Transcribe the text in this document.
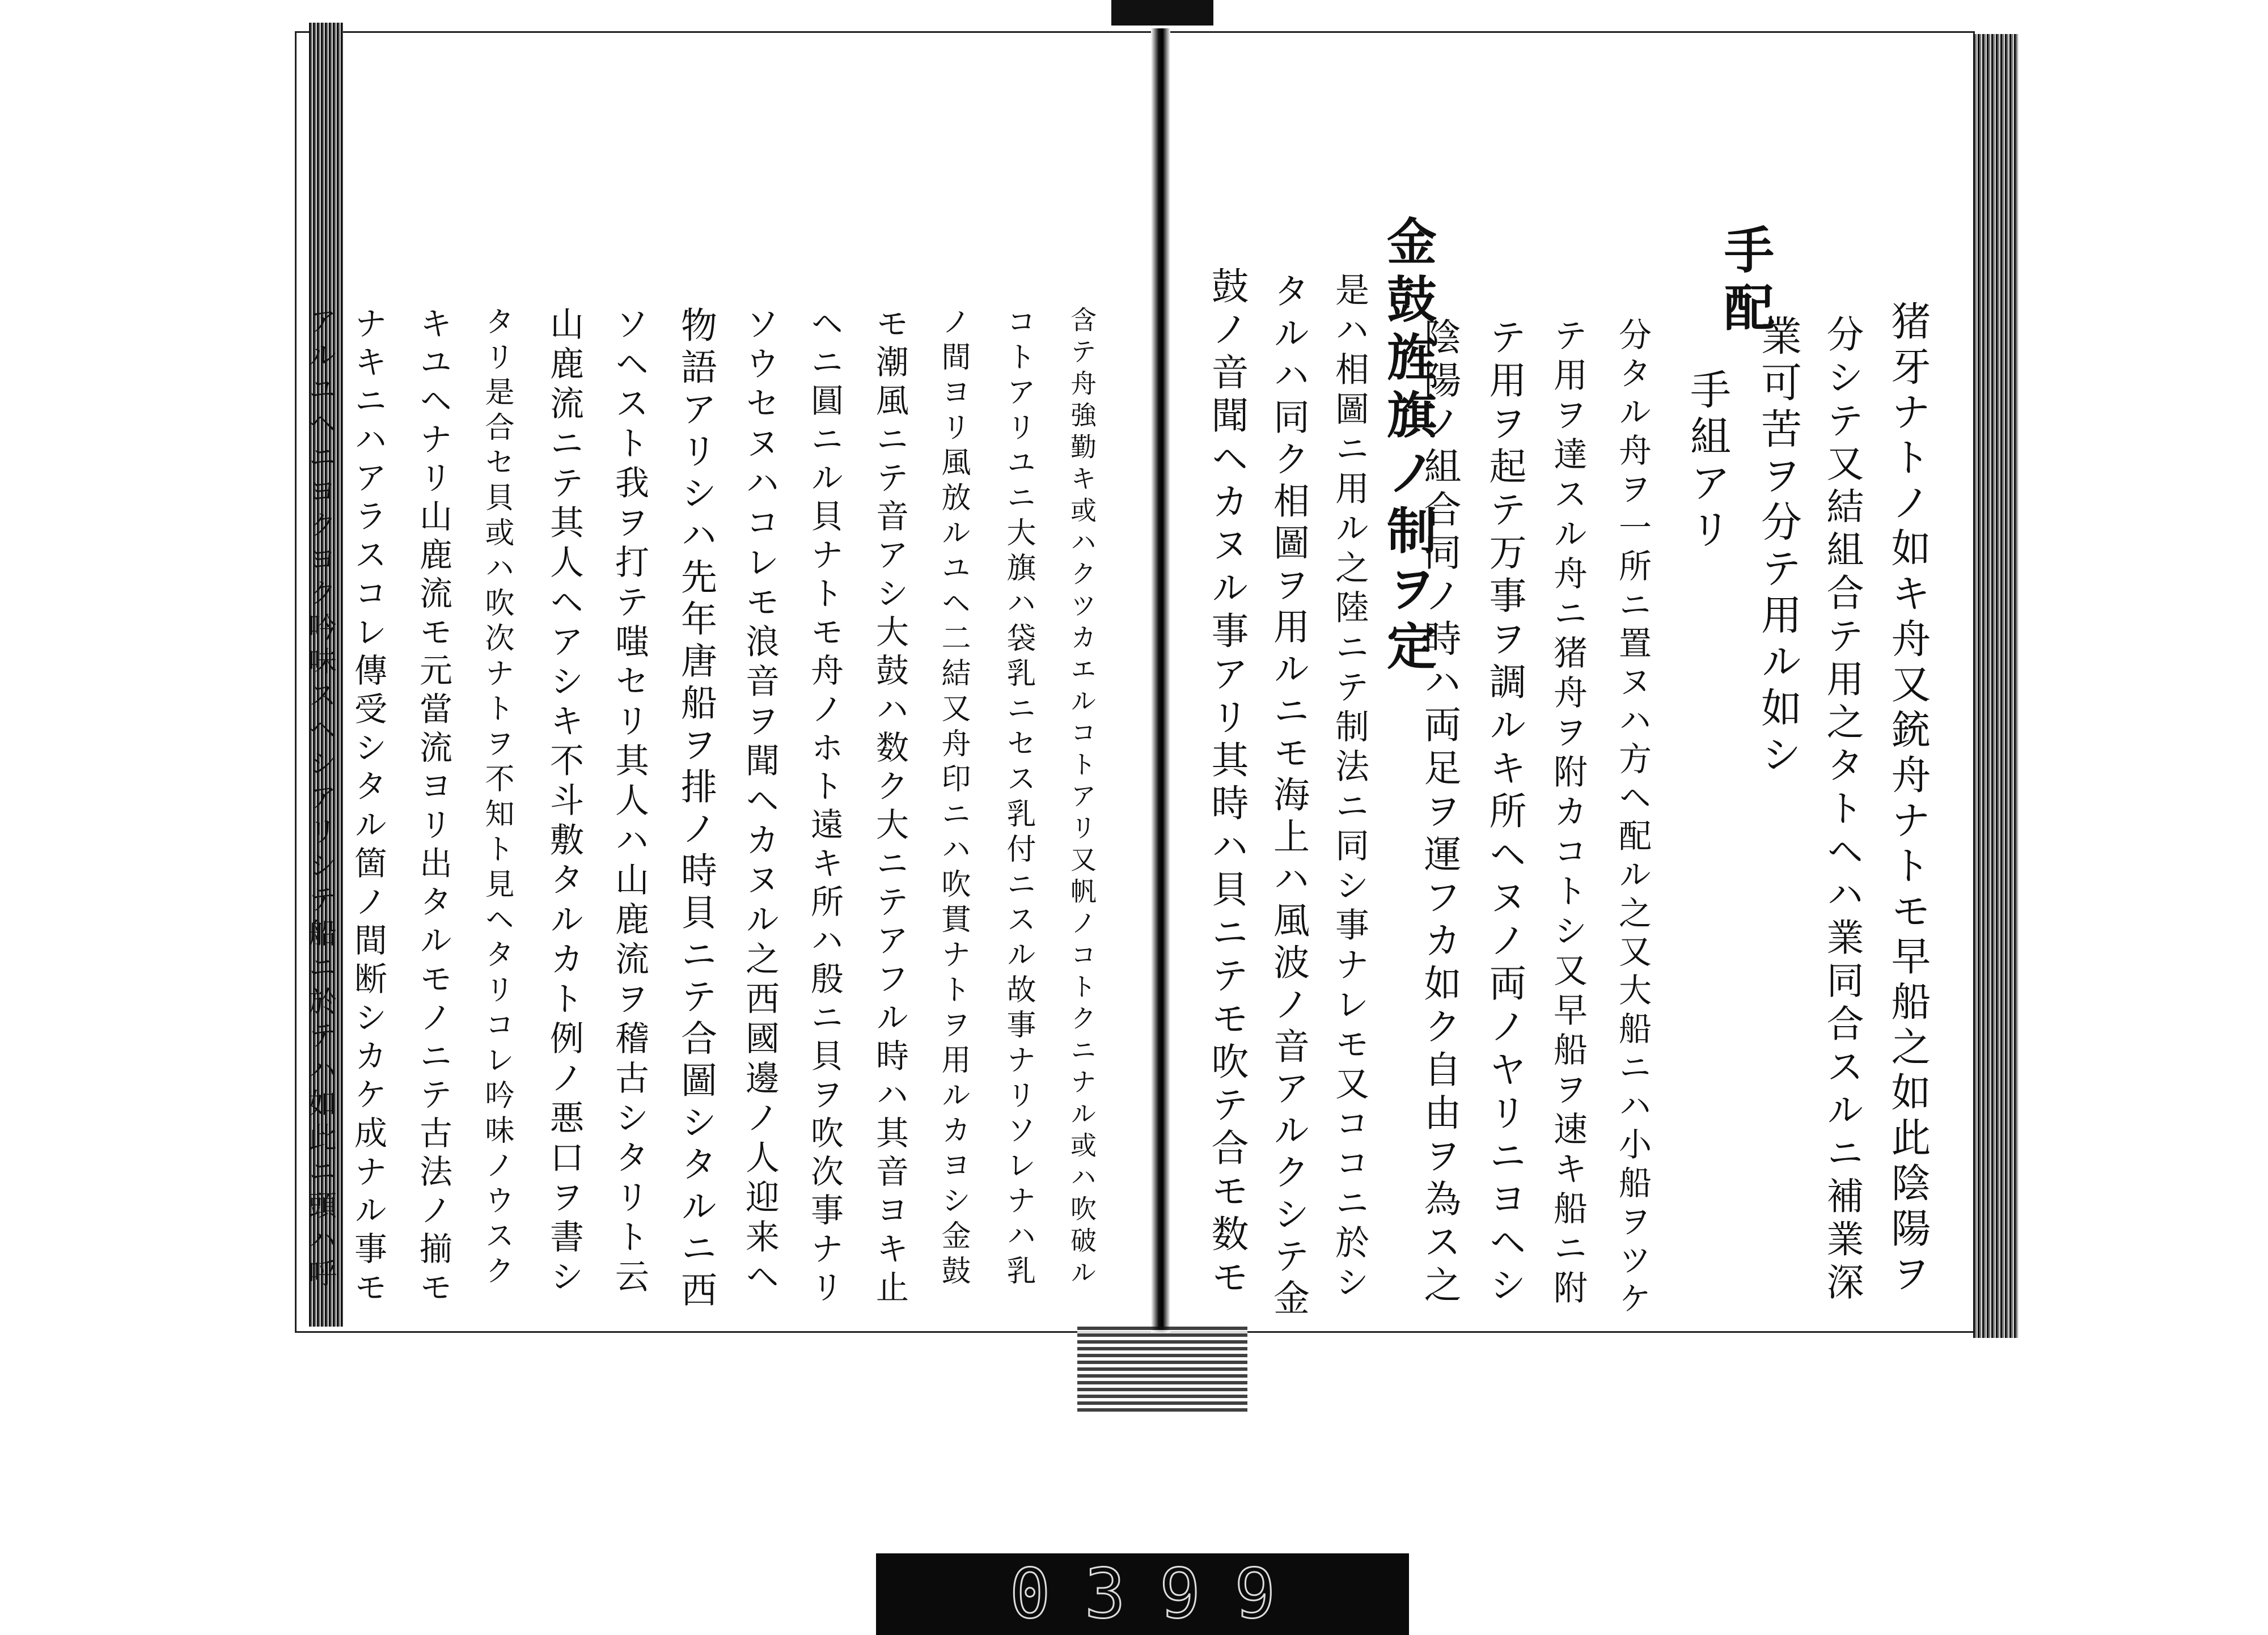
猪牙ナトノ如キ舟又銃舟ナトモ早船之如此陰陽ヲ
分シテ又結組合テ用之タトヘハ業同合スルニ補業深
業可苦ヲ分テ用ル如シ
手配
手組アリ
分タル舟ヲ一所ニ置ヌハ方ヘ配ル之又大船ニハ小船ヲツケ
テ用ヲ達スル舟ニ猪舟ヲ附カコトシ又早船ヲ速キ船ニ附
テ用ヲ起テ万事ヲ調ルキ所ヘヌノ両ノヤリニヨヘシ
陰陽ノ組合同ノ時ハ両足ヲ運フカ如ク自由ヲ為ス之
金鼓旌旗ノ制ヲ定
是ハ相圖ニ用ル之陸ニテ制法ニ同シ事ナレモ又ココニ於シ
タルハ同ク相圖ヲ用ルニモ海上ハ風波ノ音アルクシテ金
鼓ノ音聞ヘカヌル事アリ其時ハ貝ニテモ吹テ合モ数モ
含テ舟強勤キ或ハクツカエルコトアリ又帆ノコトクニナル或ハ吹破ル
コトアリユニ大旗ハ袋乳ニセス乳付ニスル故事ナリソレナハ乳
ノ間ヨリ風放ルユヘ二結又舟印ニハ吹貫ナトヲ用ルカヨシ金鼓
モ潮風ニテ音アシ大鼓ハ数ク大ニテアフル時ハ其音ヨキ止
ヘニ圓ニル貝ナトモ舟ノホト遠キ所ハ殷ニ貝ヲ吹次事ナリ
ソウセヌハコレモ浪音ヲ聞ヘカヌル之西國邊ノ人迎来ヘ
物語アリシハ先年唐船ヲ排ノ時貝ニテ合圖シタルニ西
ソヘスト我ヲ打テ嗤セリ其人ハ山鹿流ヲ稽古シタリト云
山鹿流ニテ其人ヘアシキ不斗敷タルカト例ノ悪口ヲ書シ
タリ是合セ貝或ハ吹次ナトヲ不知ト見ヘタリコレ吟味ノウスク
キユヘナリ山鹿流モ元當流ヨリ出タルモノニテ古法ノ揃モ
ナキニハアラスコレ傳受シタル箇ノ間断シカケ成ナル事モ
アルユヘニヨクヨク吟味スヘシアリシテ船ニ於テハ如此ニ頭ハ呼
0399
